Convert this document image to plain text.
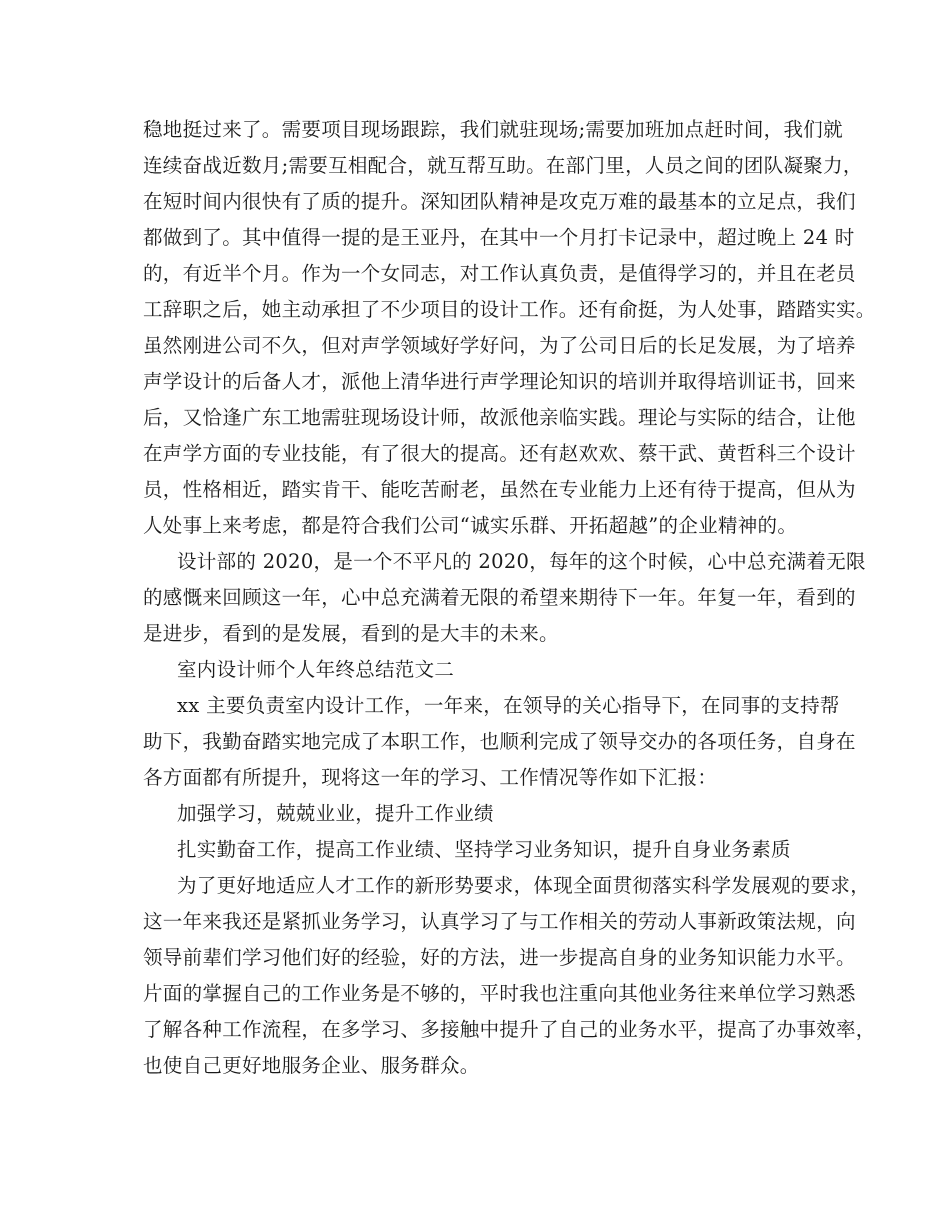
稳地挺过来了。需要项目现场跟踪，我们就驻现场;需要加班加点赶时间，我们就
连续奋战近数月;需要互相配合，就互帮互助。在部门里，人员之间的团队凝聚力，
在短时间内很快有了质的提升。深知团队精神是攻克万难的最基本的立足点，我们
都做到了。其中值得一提的是王亚丹，在其中一个月打卡记录中，超过晚上 24 时
的，有近半个月。作为一个女同志，对工作认真负责，是值得学习的，并且在老员
工辞职之后，她主动承担了不少项目的设计工作。还有俞挺，为人处事，踏踏实实。
虽然刚进公司不久，但对声学领域好学好问，为了公司日后的长足发展，为了培养
声学设计的后备人才，派他上清华进行声学理论知识的培训并取得培训证书，回来
后，又恰逢广东工地需驻现场设计师，故派他亲临实践。理论与实际的结合，让他
在声学方面的专业技能，有了很大的提高。还有赵欢欢、蔡干武、黄哲科三个设计
员，性格相近，踏实肯干、能吃苦耐老，虽然在专业能力上还有待于提高，但从为
人处事上来考虑，都是符合我们公司“诚实乐群、开拓超越”的企业精神的。
设计部的 2020，是一个不平凡的 2020，每年的这个时候，心中总充满着无限
的感慨来回顾这一年，心中总充满着无限的希望来期待下一年。年复一年，看到的
是进步，看到的是发展，看到的是大丰的未来。
室内设计师个人年终总结范文二
xx 主要负责室内设计工作，一年来，在领导的关心指导下，在同事的支持帮
助下，我勤奋踏实地完成了本职工作，也顺利完成了领导交办的各项任务，自身在
各方面都有所提升，现将这一年的学习、工作情况等作如下汇报：
加强学习，兢兢业业，提升工作业绩
扎实勤奋工作，提高工作业绩、坚持学习业务知识，提升自身业务素质
为了更好地适应人才工作的新形势要求，体现全面贯彻落实科学发展观的要求，
这一年来我还是紧抓业务学习，认真学习了与工作相关的劳动人事新政策法规，向
领导前辈们学习他们好的经验，好的方法，进一步提高自身的业务知识能力水平。
片面的掌握自己的工作业务是不够的，平时我也注重向其他业务往来单位学习熟悉
了解各种工作流程，在多学习、多接触中提升了自己的业务水平，提高了办事效率，
也使自己更好地服务企业、服务群众。
